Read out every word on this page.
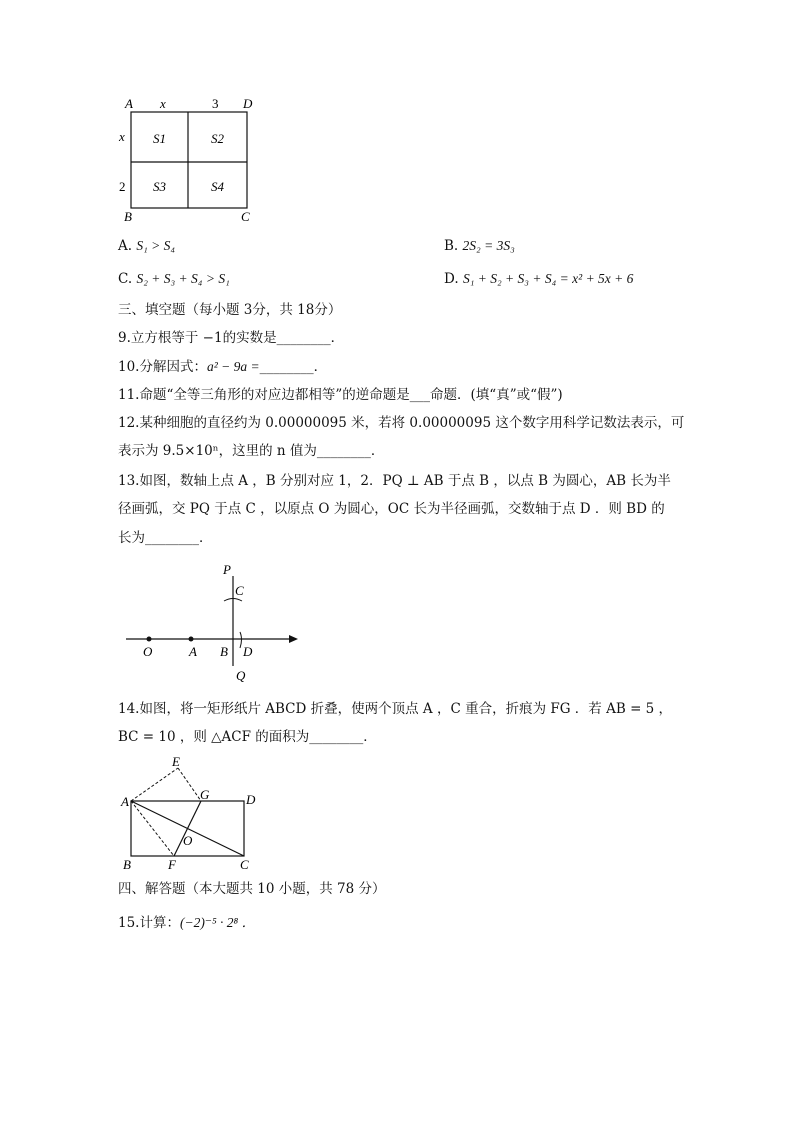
A x	3 D
x
2
B	C
S1	S2
S3	S4
A. S₁ > S₄	B. 2S₂ = 3S₃
C. S₂ + S₃ + S₄ > S₁	D. S₁ + S₂ + S₃ + S₄ = x² + 5x + 6
三、填空题（每小题 3分，共 18分）
9.立方根等于 −1的实数是________．
10.分解因式：a² − 9a =________．
11.命题“全等三角形的对应边都相等”的逆命题是___命题．(填“真”或“假”)
12.某种细胞的直径约为 0.00000095 米，若将 0.00000095 这个数字用科学记数法表示，可
表示为 9.5×10ⁿ，这里的 n 值为________．
13.如图，数轴上点 A ，B 分别对应 1，2．PQ ⊥ AB 于点 B ，以点 B 为圆心，AB 长为半
径画弧，交 PQ 于点 C ，以原点 O 为圆心，OC 长为半径画弧，交数轴于点 D ．则 BD 的
长为________．
P
C
O	A B D
Q
14.如图，将一矩形纸片 ABCD 折叠，使两个顶点 A ，C 重合，折痕为 FG ．若 AB = 5 ，
BC = 10 ，则 △ACF 的面积为________．
E
A	G	D
O
B	F	C
四、解答题（本大题共 10 小题，共 78 分）
15.计算：(−2)⁻⁵ · 2⁸ ．
